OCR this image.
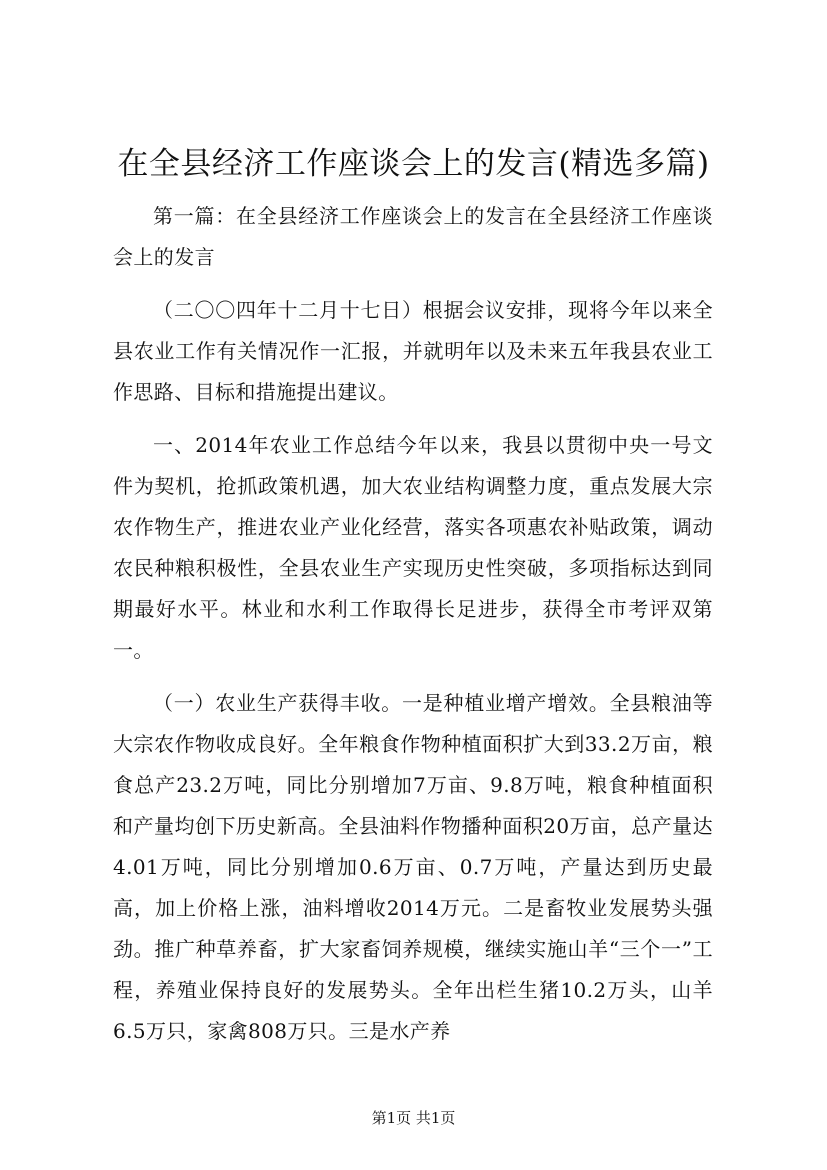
在全县经济工作座谈会上的发言(精选多篇)

第一篇：在全县经济工作座谈会上的发言在全县经济工作座谈会上的发言

（二〇〇四年十二月十七日）根据会议安排，现将今年以来全县农业工作有关情况作一汇报，并就明年以及未来五年我县农业工作思路、目标和措施提出建议。

一、2014年农业工作总结今年以来，我县以贯彻中央一号文件为契机，抢抓政策机遇，加大农业结构调整力度，重点发展大宗农作物生产，推进农业产业化经营，落实各项惠农补贴政策，调动农民种粮积极性，全县农业生产实现历史性突破，多项指标达到同期最好水平。林业和水利工作取得长足进步，获得全市考评双第一。

（一）农业生产获得丰收。一是种植业增产增效。全县粮油等大宗农作物收成良好。全年粮食作物种植面积扩大到33.2万亩，粮食总产23.2万吨，同比分别增加7万亩、9.8万吨，粮食种植面积和产量均创下历史新高。全县油料作物播种面积20万亩，总产量达4.01万吨，同比分别增加0.6万亩、0.7万吨，产量达到历史最高，加上价格上涨，油料增收2014万元。二是畜牧业发展势头强劲。推广种草养畜，扩大家畜饲养规模，继续实施山羊“三个一”工程，养殖业保持良好的发展势头。全年出栏生猪10.2万头，山羊6.5万只，家禽808万只。三是水产养

第1页 共1页
